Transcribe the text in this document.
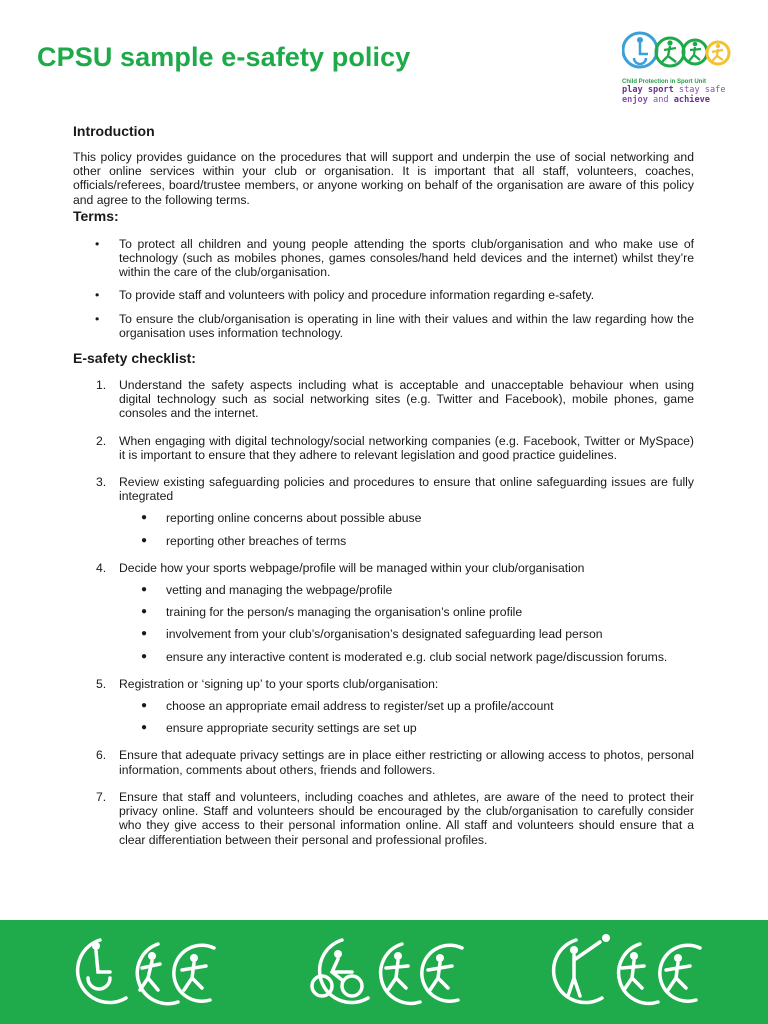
CPSU sample e-safety policy
Child Protection in Sport Unit
play sport stay safe
enjoy and achieve
Introduction

This policy provides guidance on the procedures that will support and underpin the use of social networking and other online services within your club or organisation. It is important that all staff, volunteers, coaches, officials/referees, board/trustee members, or anyone working on behalf of the organisation are aware of this policy and agree to the following terms.

Terms:
• To protect all children and young people attending the sports club/organisation and who make use of technology (such as mobiles phones, games consoles/hand held devices and the internet) whilst they’re within the care of the club/organisation.
• To provide staff and volunteers with policy and procedure information regarding e-safety.
• To ensure the club/organisation is operating in line with their values and within the law regarding how the organisation uses information technology.
E-safety checklist:
1. Understand the safety aspects including what is acceptable and unacceptable behaviour when using digital technology such as social networking sites (e.g. Twitter and Facebook), mobile phones, game consoles and the internet.
2. When engaging with digital technology/social networking companies (e.g. Facebook, Twitter or MySpace) it is important to ensure that they adhere to relevant legislation and good practice guidelines.
3. Review existing safeguarding policies and procedures to ensure that online safeguarding issues are fully integrated
● reporting online concerns about possible abuse
● reporting other breaches of terms
4. Decide how your sports webpage/profile will be managed within your club/organisation
● vetting and managing the webpage/profile
● training for the person/s managing the organisation’s online profile
● involvement from your club’s/organisation’s designated safeguarding lead person
● ensure any interactive content is moderated e.g. club social network page/discussion forums.
5. Registration or ‘signing up’ to your sports club/organisation:
● choose an appropriate email address to register/set up a profile/account
● ensure appropriate security settings are set up
6. Ensure that adequate privacy settings are in place either restricting or allowing access to photos, personal information, comments about others, friends and followers.
7. Ensure that staff and volunteers, including coaches and athletes, are aware of the need to protect their privacy online. Staff and volunteers should be encouraged by the club/organisation to carefully consider who they give access to their personal information online. All staff and volunteers should ensure that a clear differentiation between their personal and professional profiles.
